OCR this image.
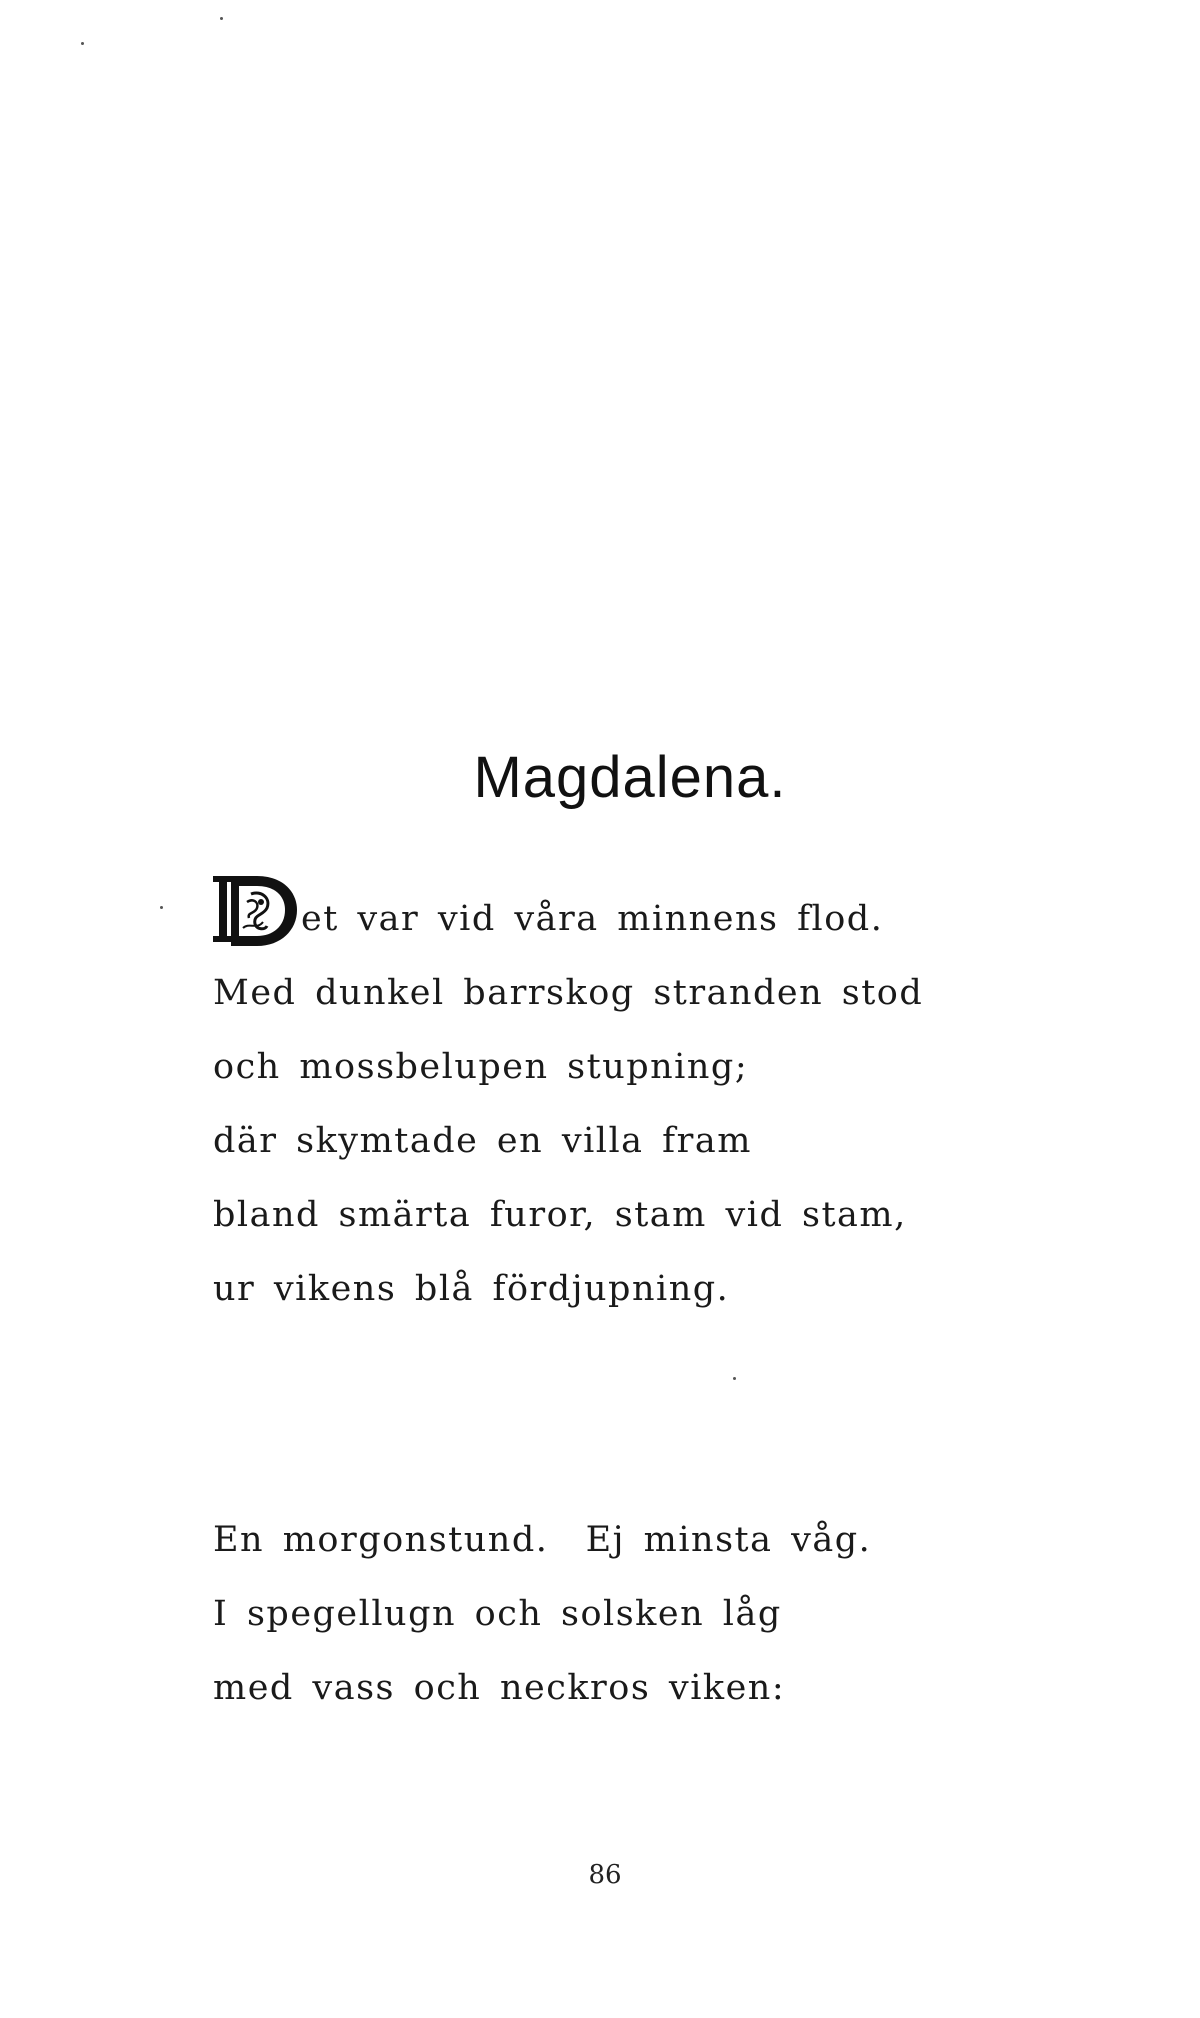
Magdalena.
et var vid våra minnens flod.
Med dunkel barrskog stranden stod
och mossbelupen stupning;
där skymtade en villa fram
bland smärta furor, stam vid stam,
ur vikens blå fördjupning.
En morgonstund.  Ej minsta våg.
I spegellugn och solsken låg
med vass och neckros viken:
86
